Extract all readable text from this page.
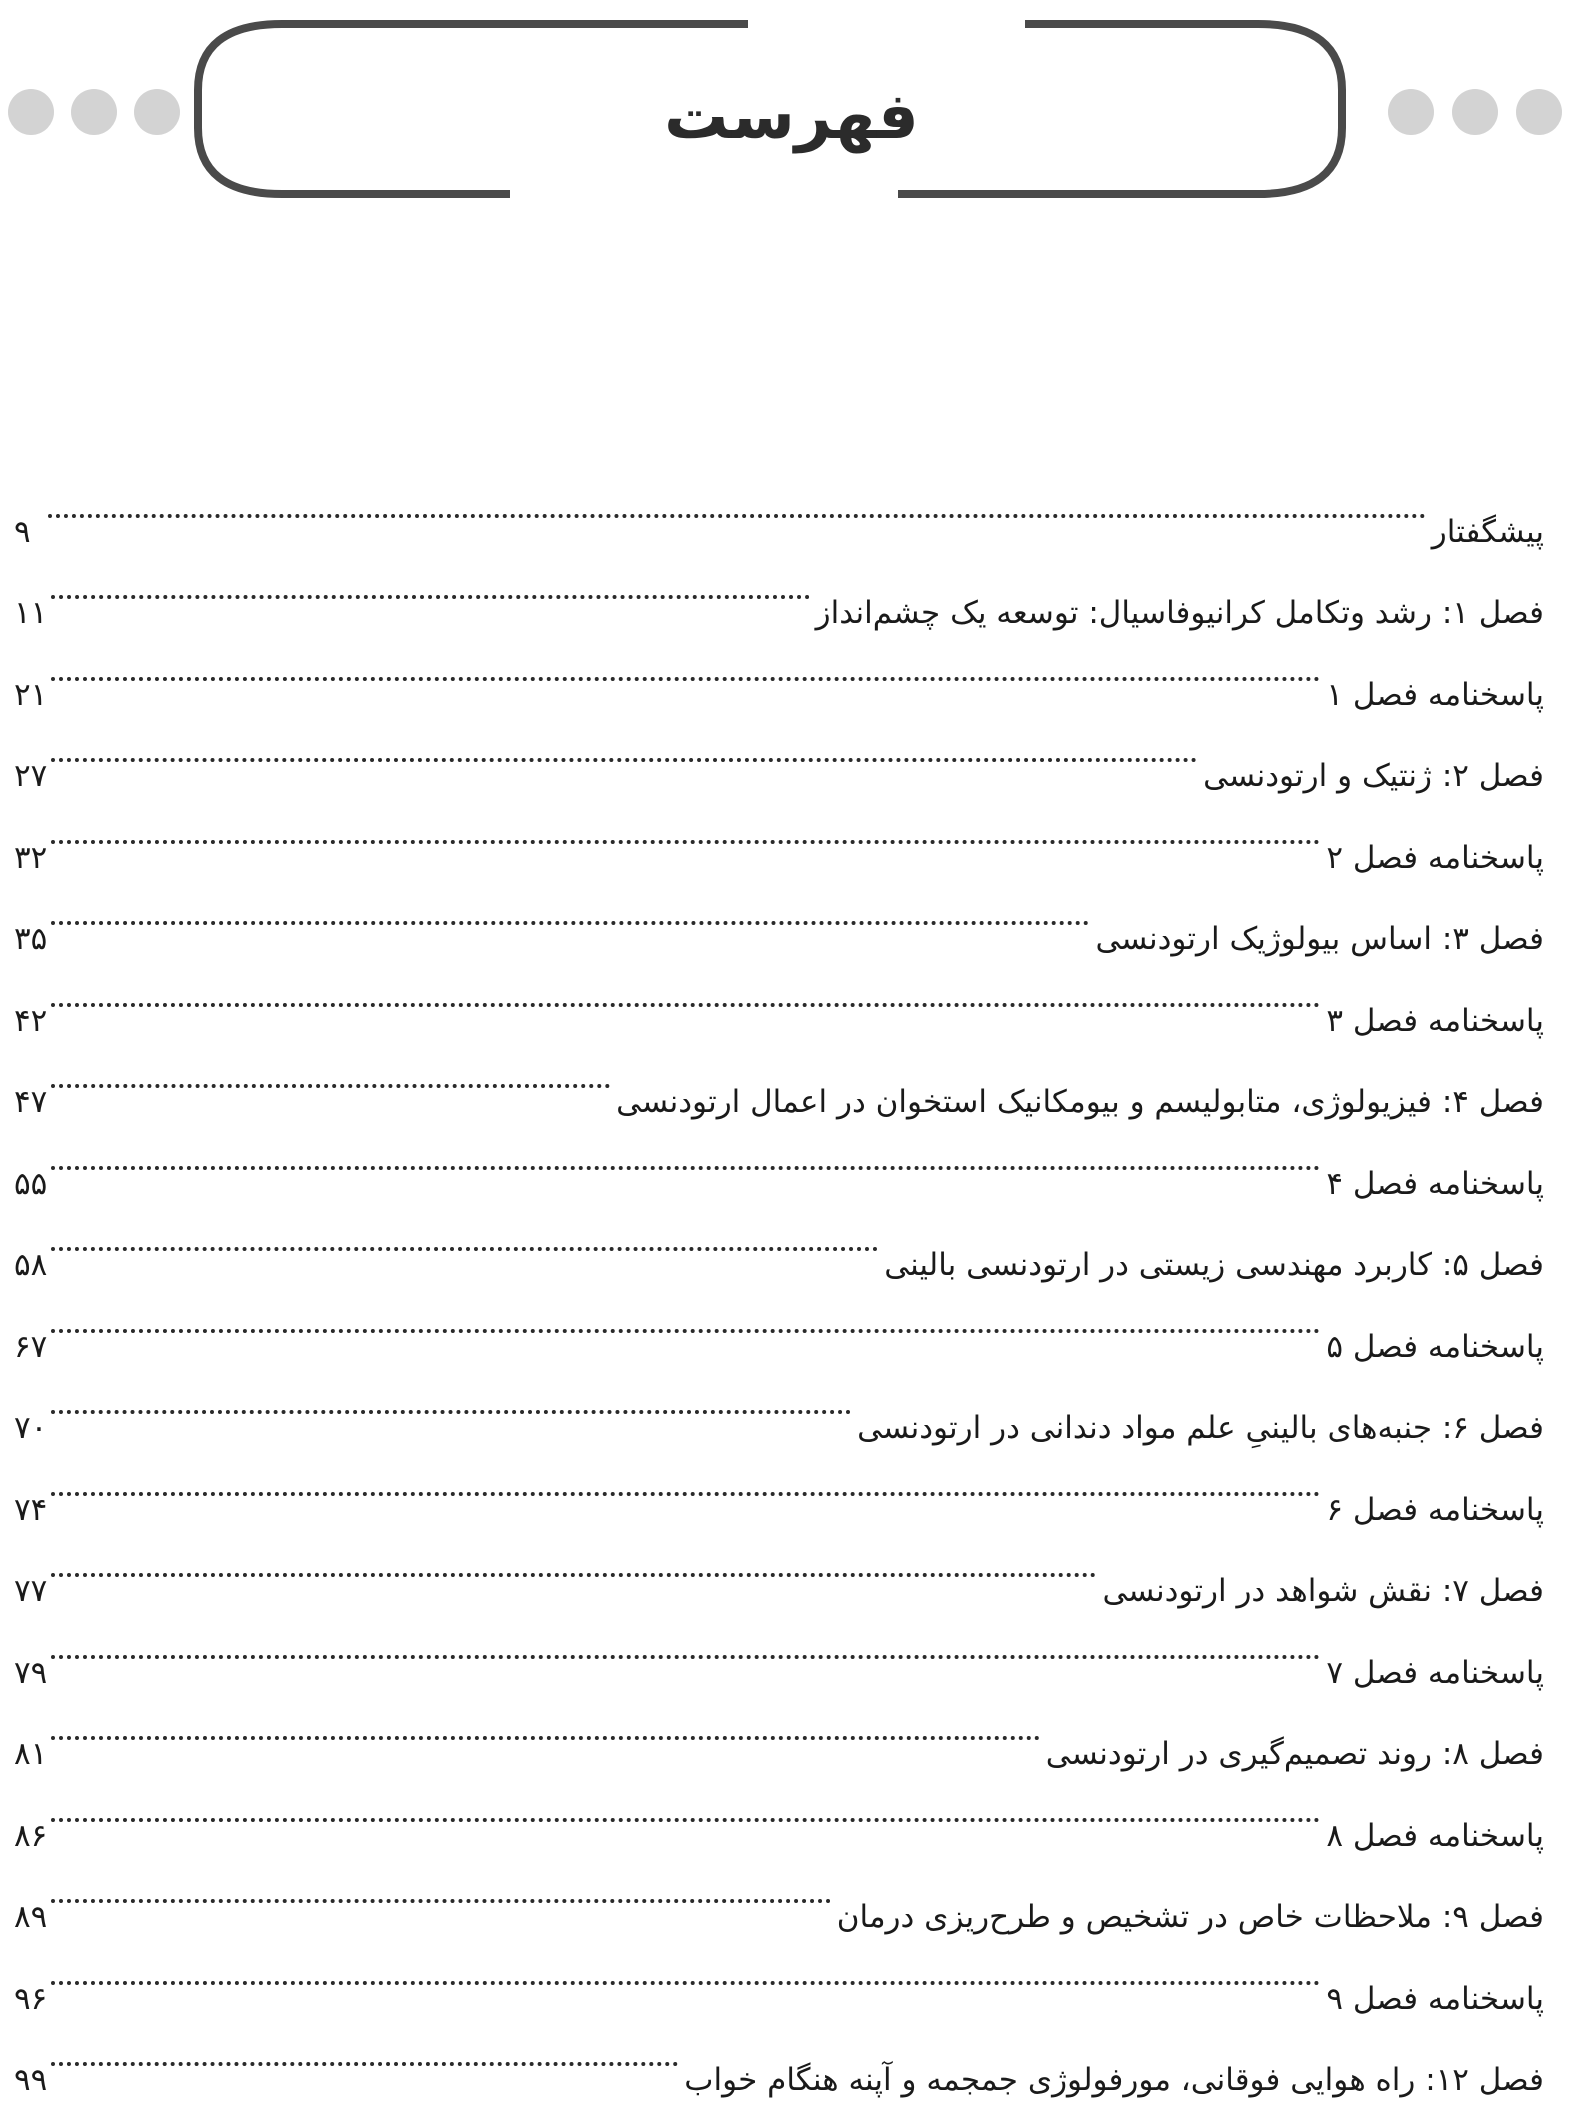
فهرست
پیشگفتار
۹
فصل ۱: رشد وتکامل کرانیوفاسیال: توسعه یک چشم‌انداز
۱۱
پاسخنامه فصل ۱
۲۱
فصل ۲: ژنتیک و ارتودنسی
۲۷
پاسخنامه فصل ۲
۳۲
فصل ۳: اساس بیولوژیک ارتودنسی
۳۵
پاسخنامه فصل ۳
۴۲
فصل ۴: فیزیولوژی، متابولیسم و بیومکانیک استخوان در اعمال ارتودنسی
۴۷
پاسخنامه فصل ۴
۵۵
فصل ۵: کاربرد مهندسی زیستی در ارتودنسی بالینی
۵۸
پاسخنامه فصل ۵
۶۷
فصل ۶: جنبه‌های بالینیِ علم مواد دندانی در ارتودنسی
۷۰
پاسخنامه فصل ۶
۷۴
فصل ۷: نقش شواهد در ارتودنسی
۷۷
پاسخنامه فصل ۷
۷۹
فصل ۸: روند تصمیم‌گیری در ارتودنسی
۸۱
پاسخنامه فصل ۸
۸۶
فصل ۹: ملاحظات خاص در تشخیص و طرح‌ریزی درمان
۸۹
پاسخنامه فصل ۹
۹۶
فصل ۱۲: راه هوایی فوقانی، مورفولوژی جمجمه و آپنه هنگام خواب
۹۹
